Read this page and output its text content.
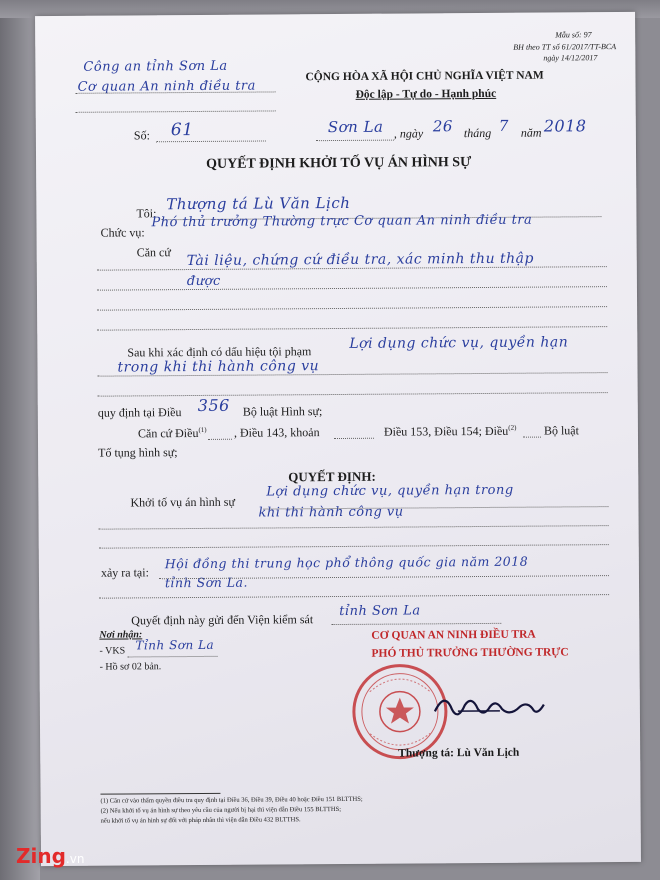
Mẫu số: 97
BH theo TT số 61/2017/TT-BCA
ngày 14/12/2017
Công an tỉnh Sơn La
Cơ quan An ninh điều tra
CỘNG HÒA XÃ HỘI CHỦ NGHĨA VIỆT NAM
Độc lập - Tự do - Hạnh phúc
Số: 61	Sơn La , ngày 26 tháng 7 năm 2018
QUYẾT ĐỊNH KHỞI TỐ VỤ ÁN HÌNH SỰ
Tôi:
Thượng tá Lù Văn Lịch
Chức vụ:
Phó thủ trưởng Thường trực Cơ quan An ninh điều tra
Căn cứ Tài liệu, chứng cứ điều tra, xác minh thu thập
được
Sau khi xác định có dấu hiệu tội phạm	Lợi dụng chức vụ, quyền hạn
trong khi thi hành công vụ
quy định tại Điều 356 Bộ luật Hình sự;
Căn cứ Điều$^{(1)}$ , Điều 143, khoản	Điều 153, Điều 154; Điều$^{(2)}$ Bộ luật
Tố tụng hình sự;
QUYẾT ĐỊNH:
Khởi tố vụ án hình sự
Lợi dụng chức vụ, quyền hạn trong
khi thi hành công vụ
xảy ra tại:
Hội đồng thi trung học phổ thông quốc gia năm 2018
tỉnh Sơn La.
Quyết định này gửi đến Viện kiểm sát
tỉnh Sơn La
Nơi nhận:
- VKS Tỉnh Sơn La
- Hồ sơ 02 bản.
CƠ QUAN AN NINH ĐIỀU TRA
PHÓ THỦ TRƯỞNG THƯỜNG TRỰC
Thượng tá: Lù Văn Lịch
(1) Căn cứ vào thẩm quyền điều tra quy định tại Điều 36, Điều 39, Điều 40 hoặc Điều 151 BLTTHS;
(2) Nếu khởi tố vụ án hình sự theo yêu cầu của người bị hại thì viện dẫn Điều 155 BLTTHS;
nếu khởi tố vụ án hình sự đối với pháp nhân thì viện dẫn Điều 432 BLTTHS.
Zing.vn
